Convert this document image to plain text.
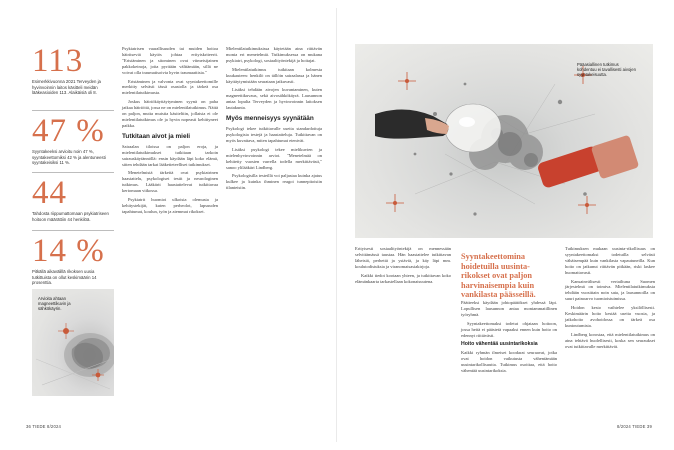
113
Esimerkkivuonna 2021 Terveyden ja hyvinvoinnin laitos käsitteli meidän lääkeasioiden 113. Alaikäisiä oli 8.
47 %
Syyntakeeksi arvioitu noin 47 %, syyntakeettomiksi 42 % ja alentuneesti syyntakeisiksi 11 %.
44
Tahdosta riippumattomaan psykiatriseen hoitoon määrättiin 44 henkilöä.
14 %
Pitkällä aikavälillä rikoksen uusia tutkittuista on ollut keskimäärin 14 prosenttia.
Arvioita ahtaan magneettikuvin ja sähkökäyrin.

Psykiatrisen vaarallisuuden tai muiden hoitoa häiritseviä käytös johtaa erityiskriteerit. "Eristäminen ja sitominen ovat viimeisijainen pakkokeinoja, joita pyritään välttämään, sillä ne voivat olla traumatisoivia hyvin traumaattisia."

Eristäminen ja valvonta ovat syyntakeettomille merkitty selvästi tässä osastolla ja tärkeä osa mielentilatutkimusta.

Joskus häiriökäyttäytyminen syynä on paha jatkaa häiriöitä, jossa ne on mielentilatutkimus. Näitä on paljon, mutta muistia käsiteltiin, jollaisia ei ole mielentilatutkimus ole ja hyvin nopeasti kehittyneet paikka.

Tutkitaan aivot ja mieli

Sairaalan tiloissa on paljon eroja, ja mielentilatutkimukset tutkitaan tarkoin sairauskäytännöllä: ensin käydään läpi koko elämä, sitten tehdään tarkat lääketieteelliset tutkimukset.

Menetelmistä tärkeitä ovat psykiatrinen haastattelu, psykologiset testit ja neurologinen tutkimus. Lääkärit haastattelevat tutkittavaa kertomaan viikossa.

Psykiatrit huomioi ulkoisia olemusta ja kehitystekijät, kuten perheolot, lapsuuden tapahtumat, koulun, työn ja aiemmat rikokset.

Mielentilatutkimuksissa käytetään aina riittävän monia eri menetelmiä. Tutkimuksessa on mukana psykiatri, psykologi, sosiaalityöntekijä ja hoitajat.

Mielentilatutkimus tutkitaan kolmesta kuukauteen: henkilö on tällöin sairaalassa ja hänen käyttäytymistään seurataan jatkuvasti.

Lisäksi tehdään aivojen kuvantaminen, kuten magneettikuvaus, sekä aivosähkökäyrä. Lausunnon antaa lopulta Terveyden ja hyvinvoinnin laitoksen lautakunta.

Myös menneisyys syynätään

Psykologi tekee tutkittavalle useita standardoituja psykologisia testejä ja haastatteluja. Tutkittavan on myös kuvattava, miten tapahtumat etenivät.

Lisäksi psykologi tekee mielikuvien ja mielenhyvinvoinnin arviot. "Menetelmää on kehitetty vuosien varrella todella merkittävästi," sanoo ylilääkäri Lindberg.

Psykologisilla testeillä voi paljastaa kuinka ajatus kulkee ja kuinka ihminen reagoi tunnepitoisiin tilanteisiin.

36 TIEDE 8/2024
Pääasiallinen tutkimus kohdentuu ei tavallisesti aivojen syyntakeisuutta.

Erityisesti sosiaalityöntekijä on mennessään selvittämässä taustaa. Hän haastattelee tutkittavan läheisiä, perhettä ja ystäviä, ja käy läpi mm. koulutodistuksia ja viranomaisasiakirjoja.

Kaikki tiedot kootaan yhteen, ja tutkittavan koko elämänkaarta tarkastellaan kokonaisuutena.

Syyntakeettomina hoidetuilla uusinta-rikokset ovat paljon harvinaisempia kuin vankilasta päässeillä.

Päätteeksi käydään johtopäätökset yhdessä läpi. Lopullisen lausunnon antaa moniammatillinen työryhmä.

Syyntakeettomaksi todetut ohjataan hoitoon, jossa heitä ei päästetä vapaaksi ennen kuin hoito on edennyt riittävästi.

Hoito vähentää uusintarikoksia

Kaikki ryhmän ilmeiset koodarat seuraavat, jotka ovat hoidon vaikutusta vähentämään uusintarikollisuutta. Tutkimus osoittaa, että hoito vähentää uusintarikoksia.

Tutkimuksen mukaan uusinta-rikollisuus on syyntakeettomaksi todetuilla selvästi vähäisempää kuin vankilasta vapautuneilla. Kun hoito on jatkunut riittävän pitkään, riski laskee huomattavasti.

Kansainvälisesti vertailtuna Suomen järjestelmä on toimiva. Mielentilatutkimuksia tehdään vuosittain noin sata, ja lausunnoilla on suuri painoarvo tuomioistuimissa.

Hoidon kesto vaihtelee yksilöllisesti. Keskimäärin hoito kestää useita vuosia, ja jatkohoito avohoidossa on tärkeä osa kuntoutumista.

Lindberg korostaa, että mielentilatutkimus on aina tehtävä huolellisesti, koska sen seuraukset ovat tutkittavalle merkittävät.

8/2024 TIEDE 39
